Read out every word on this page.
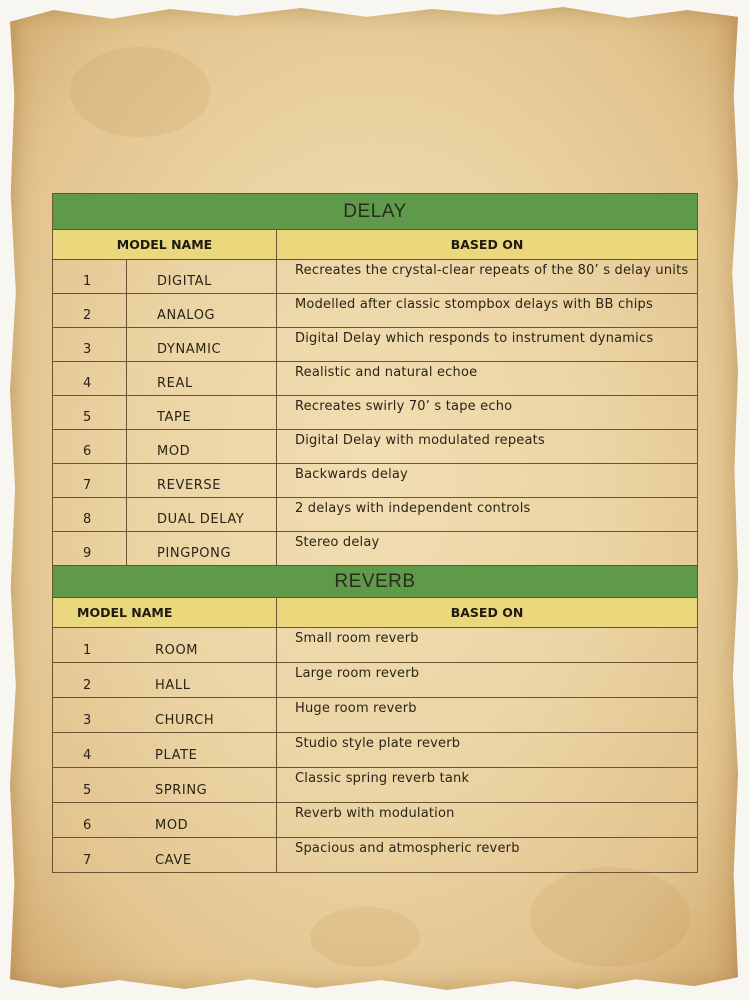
DELAY		
MODEL NAME		BASED ON
1	DIGITAL	Recreates the crystal-clear repeats of the 80’ s delay units
2	ANALOG	Modelled after classic stompbox delays with BB chips
3	DYNAMIC	Digital Delay which responds to instrument dynamics
4	REAL	Realistic and natural echoe
5	TAPE	Recreates swirly 70’ s tape echo
6	MOD	Digital Delay with modulated repeats
7	REVERSE	Backwards delay
8	DUAL DELAY	2 delays with independent controls
9	PINGPONG	Stereo delay
REVERB		
MODEL NAME		BASED ON
1 ROOM		Small room reverb
2 HALL		Large room reverb
3 CHURCH		Huge room reverb
4 PLATE		Studio style plate reverb
5 SPRING		Classic spring reverb tank
6 MOD		Reverb with modulation
7 CAVE		Spacious and atmospheric reverb
